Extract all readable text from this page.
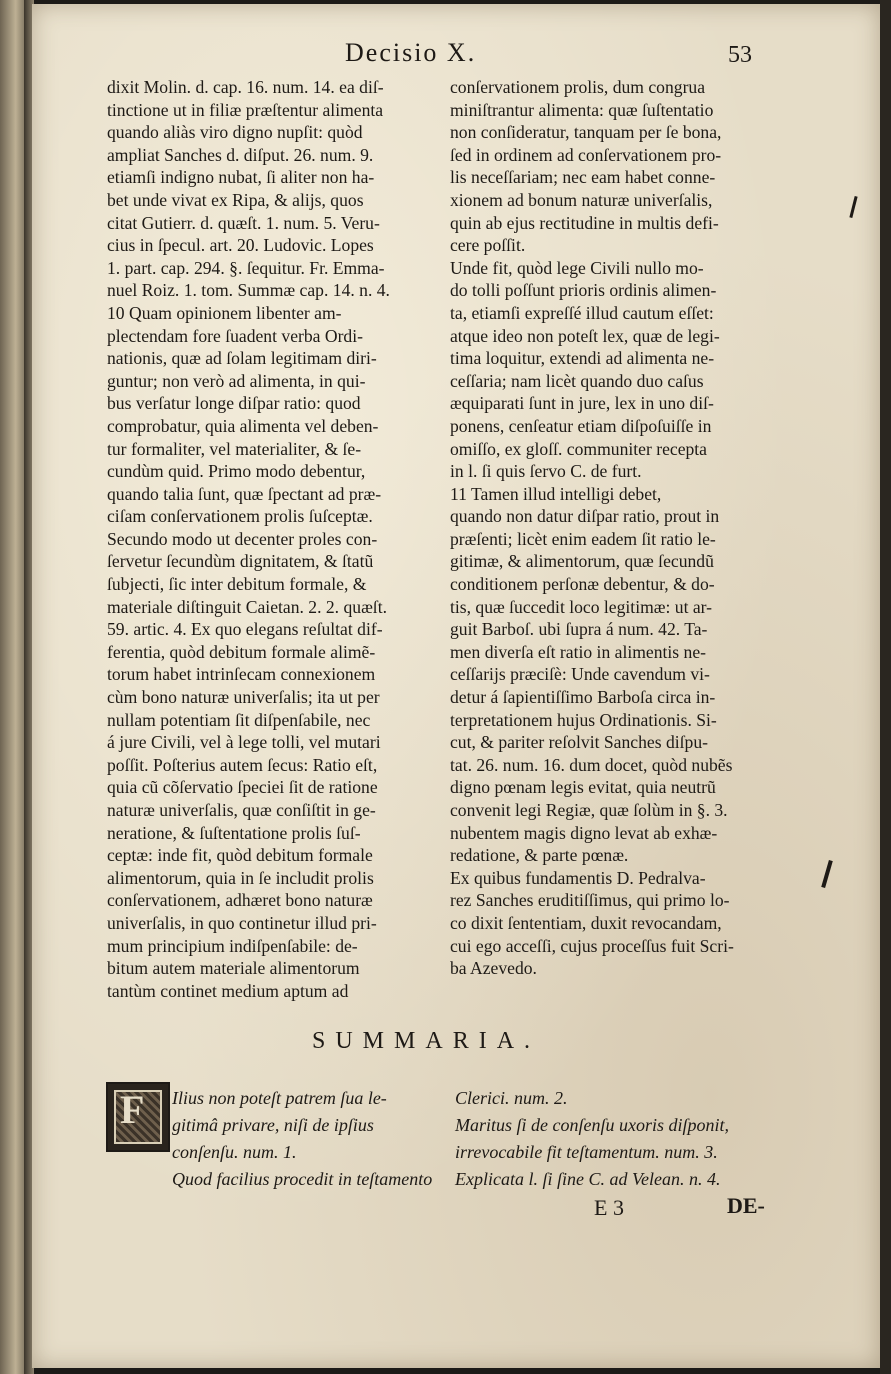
Decisio X.	53
dixit Molin. d. cap. 16. num. 14. ea diſ-
tinctione ut in filiæ præſtentur alimenta
quando aliàs viro digno nupſit: quòd
ampliat Sanches d. diſput. 26. num. 9.
etiamſi indigno nubat, ſi aliter non ha-
bet unde vivat ex Ripa, & alijs, quos
citat Gutierr. d. quæſt. 1. num. 5. Veru-
cius in ſpecul. art. 20. Ludovic. Lopes
1. part. cap. 294. §. ſequitur. Fr. Emma-
nuel Roiz. 1. tom. Summæ cap. 14. n. 4.
10 Quam opinionem libenter am-
plectendam fore ſuadent verba Ordi-
nationis, quæ ad ſolam legitimam diri-
guntur; non verò ad alimenta, in qui-
bus verſatur longe diſpar ratio: quod
comprobatur, quia alimenta vel deben-
tur formaliter, vel materialiter, & ſe-
cundùm quid. Primo modo debentur,
quando talia ſunt, quæ ſpectant ad præ-
ciſam conſervationem prolis ſuſceptæ.
Secundo modo ut decenter proles con-
ſervetur ſecundùm dignitatem, & ſtatũ
ſubjecti, ſic inter debitum formale, &
materiale diſtinguit Caietan. 2. 2. quæſt.
59. artic. 4. Ex quo elegans reſultat dif-
ferentia, quòd debitum formale alimẽ-
torum habet intrinſecam connexionem
cùm bono naturæ univerſalis; ita ut per
nullam potentiam ſit diſpenſabile, nec
á jure Civili, vel à lege tolli, vel mutari
poſſit. Poſterius autem ſecus: Ratio eſt,
quia cũ cõſervatio ſpeciei ſit de ratione
naturæ univerſalis, quæ conſiſtit in ge-
neratione, & ſuſtentatione prolis ſuſ-
ceptæ: inde fit, quòd debitum formale
alimentorum, quia in ſe includit prolis
conſervationem, adhæret bono naturæ
univerſalis, in quo continetur illud pri-
mum principium indiſpenſabile: de-
bitum autem materiale alimentorum
tantùm continet medium aptum ad
conſervationem prolis, dum congrua
miniſtrantur alimenta: quæ ſuſtentatio
non conſideratur, tanquam per ſe bona,
ſed in ordinem ad conſervationem pro-
lis neceſſariam; nec eam habet conne-
xionem ad bonum naturæ univerſalis,
quin ab ejus rectitudine in multis defi-
cere poſſit.
Unde fit, quòd lege Civili nullo mo-
do tolli poſſunt prioris ordinis alimen-
ta, etiamſi expreſſé illud cautum eſſet:
atque ideo non poteſt lex, quæ de legi-
tima loquitur, extendi ad alimenta ne-
ceſſaria; nam licèt quando duo caſus
æquiparati ſunt in jure, lex in uno diſ-
ponens, cenſeatur etiam diſpoſuiſſe in
omiſſo, ex gloſſ. communiter recepta
in l. ſi quis ſervo C. de furt.
11 Tamen illud intelligi debet,
quando non datur diſpar ratio, prout in
præſenti; licèt enim eadem ſit ratio le-
gitimæ, & alimentorum, quæ ſecundũ
conditionem perſonæ debentur, & do-
tis, quæ ſuccedit loco legitimæ: ut ar-
guit Barboſ. ubi ſupra á num. 42. Ta-
men diverſa eſt ratio in alimentis ne-
ceſſarijs præciſè: Unde cavendum vi-
detur á ſapientiſſimo Barboſa circa in-
terpretationem hujus Ordinationis. Si-
cut, & pariter reſolvit Sanches diſpu-
tat. 26. num. 16. dum docet, quòd nubẽs
digno pœnam legis evitat, quia neutrũ
convenit legi Regiæ, quæ ſolùm in §. 3.
nubentem magis digno levat ab exhæ-
redatione, & parte pœnæ.
Ex quibus fundamentis D. Pedralva-
rez Sanches eruditiſſimus, qui primo lo-
co dixit ſententiam, duxit revocandam,
cui ego acceſſi, cujus proceſſus fuit Scri-
ba Azevedo.
SUMMARIA.
F Ilius non poteſt patrem ſua le-
gitimâ privare, niſi de ipſius
conſenſu. num. 1.
Quod facilius procedit in teſtamento
Clerici. num. 2.
Maritus ſi de conſenſu uxoris diſponit,
irrevocabile fit teſtamentum. num. 3.
Explicata l. ſi ſine C. ad Velean. n. 4.
E 3	DE-
